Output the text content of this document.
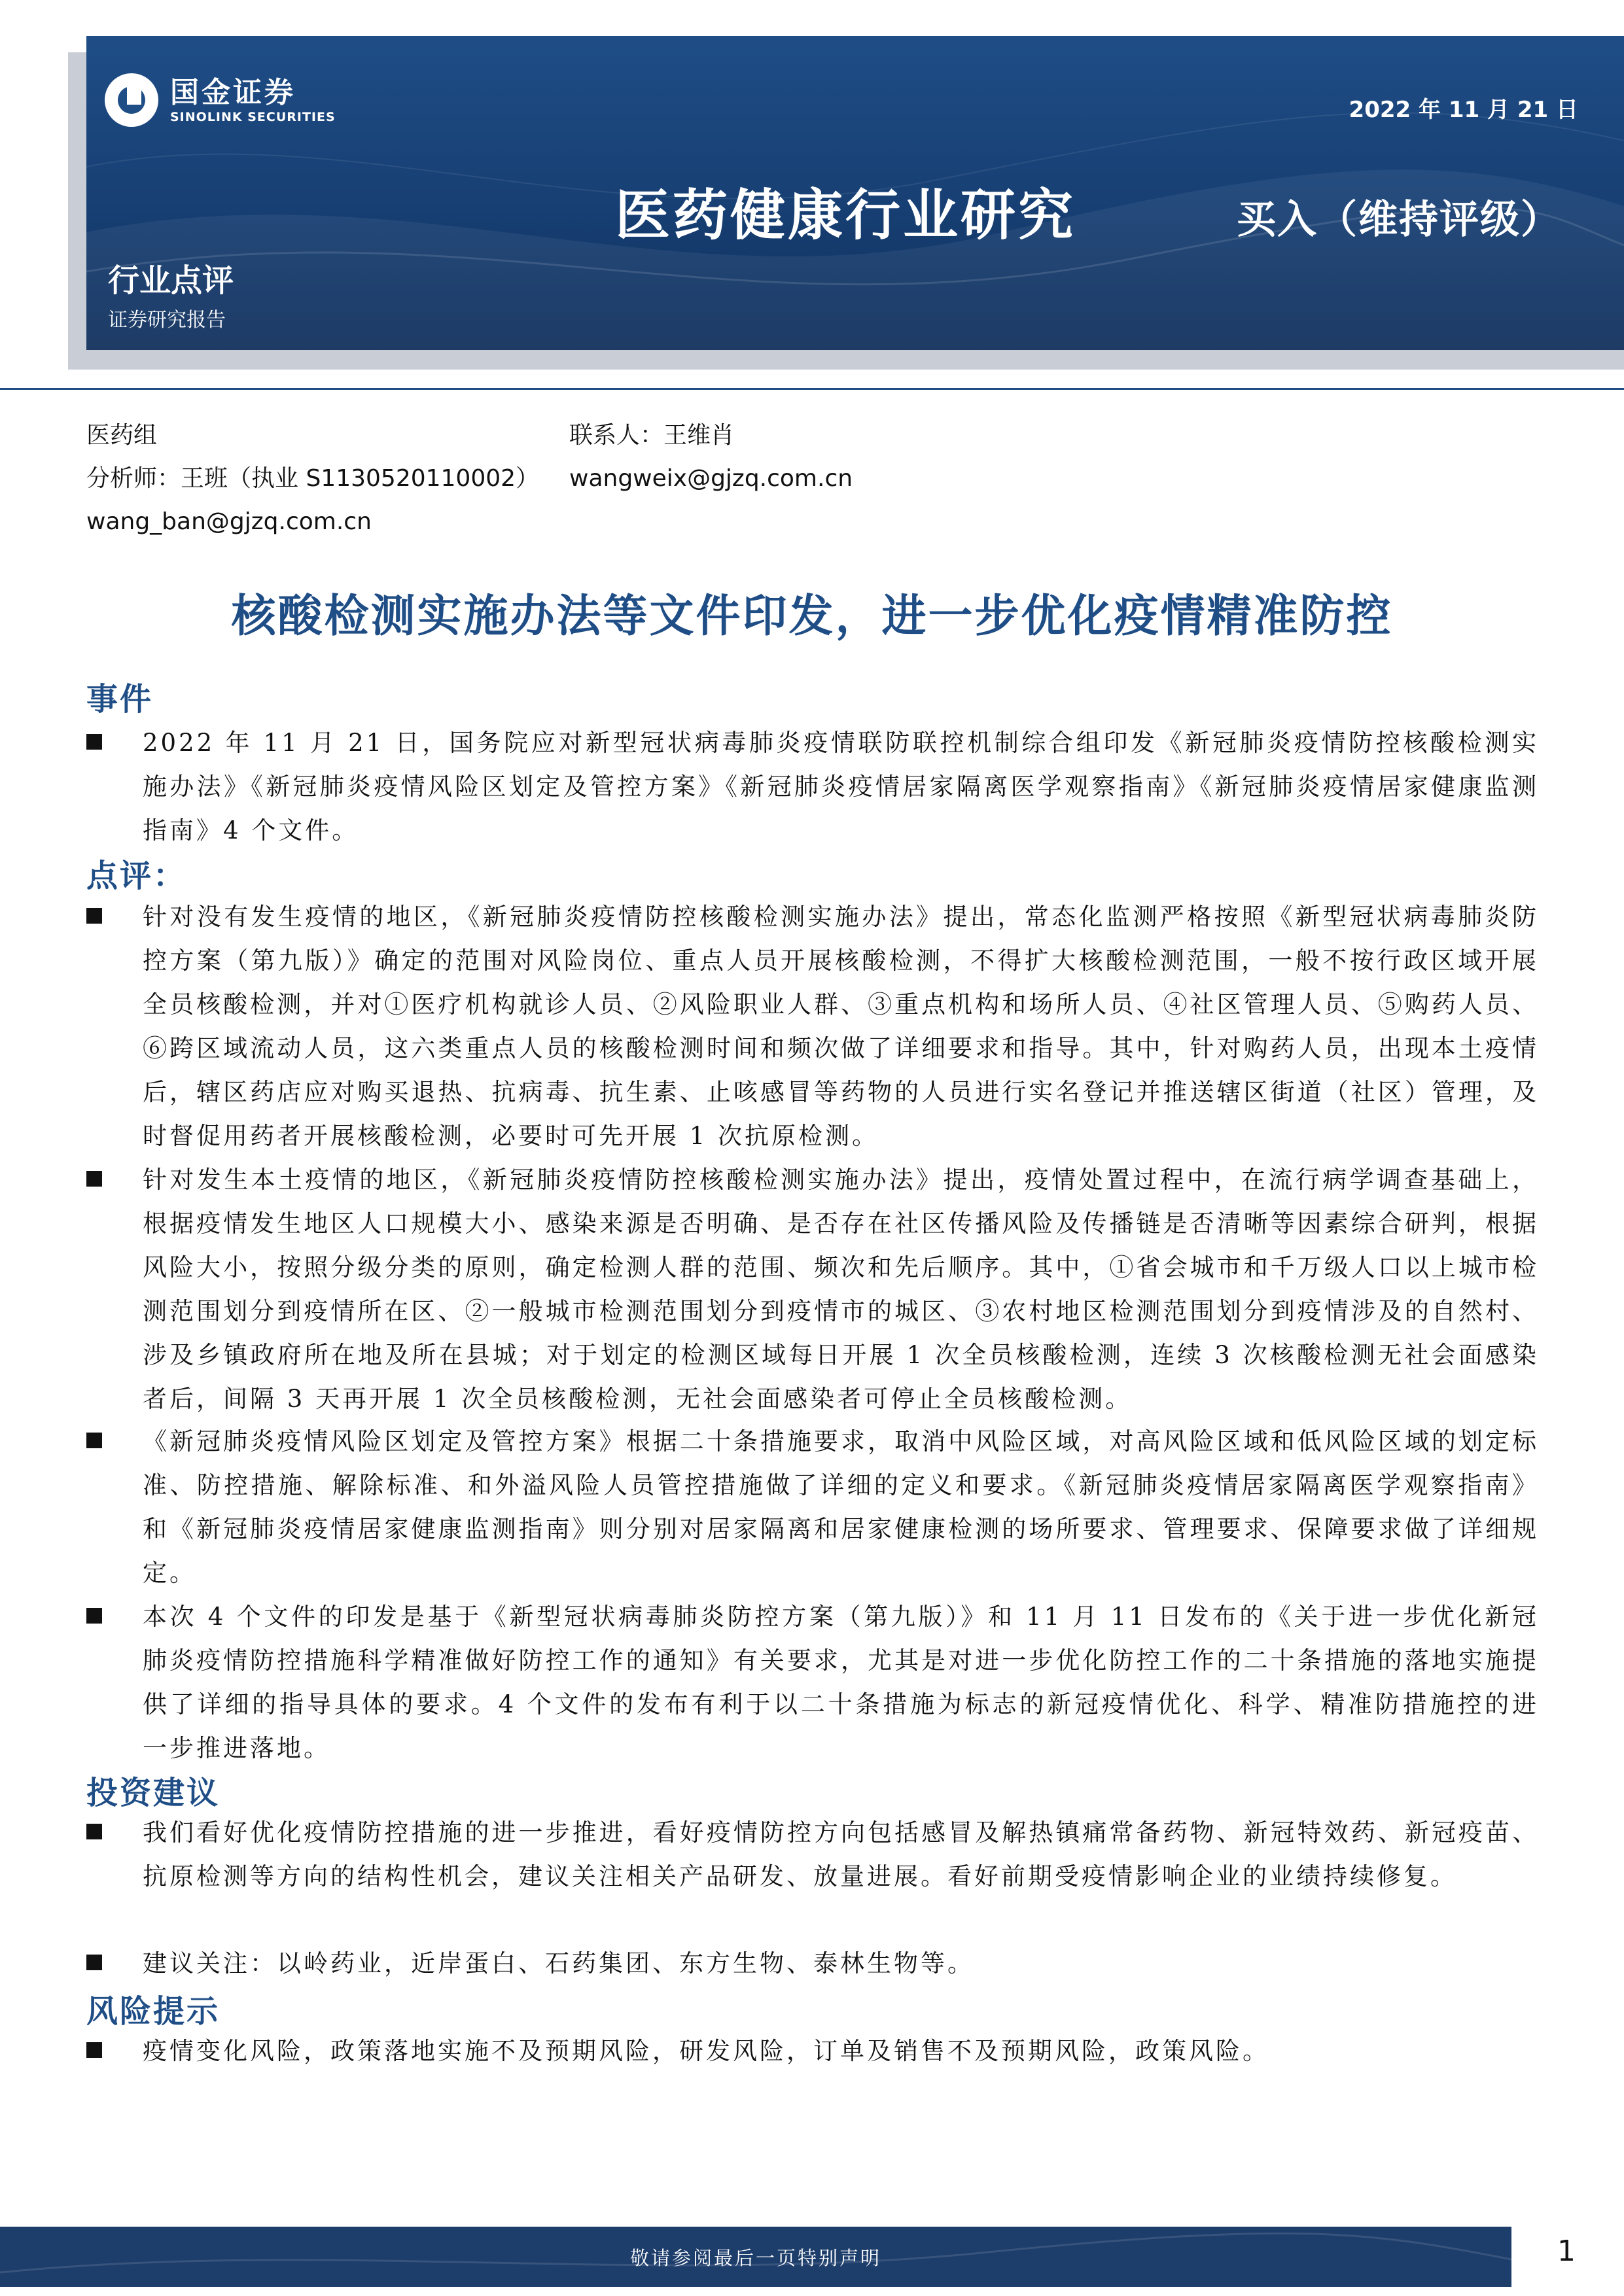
国金证券
SINOLINK SECURITIES	2022 年 11 月 21 日
医药健康行业研究	买入（维持评级）
行业点评
证券研究报告
医药组
分析师：王班（执业 S1130520110002）
wang_ban@gjzq.com.cn
联系人：王维肖
wangweix@gjzq.com.cn
核酸检测实施办法等文件印发，进一步优化疫情精准防控
事件
2022 年 11 月 21 日，国务院应对新型冠状病毒肺炎疫情联防联控机制综合组印发《新冠肺炎疫情防控核酸检测实施办法》《新冠肺炎疫情风险区划定及管控方案》《新冠肺炎疫情居家隔离医学观察指南》《新冠肺炎疫情居家健康监测指南》4 个文件。
点评：
针对没有发生疫情的地区，《新冠肺炎疫情防控核酸检测实施办法》提出，常态化监测严格按照《新型冠状病毒肺炎防控方案（第九版）》确定的范围对风险岗位、重点人员开展核酸检测，不得扩大核酸检测范围，一般不按行政区域开展全员核酸检测，并对①医疗机构就诊人员、②风险职业人群、③重点机构和场所人员、④社区管理人员、⑤购药人员、⑥跨区域流动人员，这六类重点人员的核酸检测时间和频次做了详细要求和指导。其中，针对购药人员，出现本土疫情后，辖区药店应对购买退热、抗病毒、抗生素、止咳感冒等药物的人员进行实名登记并推送辖区街道（社区）管理，及时督促用药者开展核酸检测，必要时可先开展 1 次抗原检测。
针对发生本土疫情的地区，《新冠肺炎疫情防控核酸检测实施办法》提出，疫情处置过程中，在流行病学调查基础上，根据疫情发生地区人口规模大小、感染来源是否明确、是否存在社区传播风险及传播链是否清晰等因素综合研判，根据风险大小，按照分级分类的原则，确定检测人群的范围、频次和先后顺序。其中，①省会城市和千万级人口以上城市检测范围划分到疫情所在区、②一般城市检测范围划分到疫情市的城区、③农村地区检测范围划分到疫情涉及的自然村、涉及乡镇政府所在地及所在县城；对于划定的检测区域每日开展 1 次全员核酸检测，连续 3 次核酸检测无社会面感染者后，间隔 3 天再开展 1 次全员核酸检测，无社会面感染者可停止全员核酸检测。
《新冠肺炎疫情风险区划定及管控方案》根据二十条措施要求，取消中风险区域，对高风险区域和低风险区域的划定标准、防控措施、解除标准、和外溢风险人员管控措施做了详细的定义和要求。《新冠肺炎疫情居家隔离医学观察指南》和《新冠肺炎疫情居家健康监测指南》则分别对居家隔离和居家健康检测的场所要求、管理要求、保障要求做了详细规定。
本次 4 个文件的印发是基于《新型冠状病毒肺炎防控方案（第九版）》和 11 月 11 日发布的《关于进一步优化新冠肺炎疫情防控措施科学精准做好防控工作的通知》有关要求，尤其是对进一步优化防控工作的二十条措施的落地实施提供了详细的指导具体的要求。4 个文件的发布有利于以二十条措施为标志的新冠疫情优化、科学、精准防措施控的进一步推进落地。
投资建议
我们看好优化疫情防控措施的进一步推进，看好疫情防控方向包括感冒及解热镇痛常备药物、新冠特效药、新冠疫苗、抗原检测等方向的结构性机会，建议关注相关产品研发、放量进展。看好前期受疫情影响企业的业绩持续修复。
建议关注：以岭药业，近岸蛋白、石药集团、东方生物、泰林生物等。
风险提示
疫情变化风险，政策落地实施不及预期风险，研发风险，订单及销售不及预期风险，政策风险。
敬请参阅最后一页特别声明	1
